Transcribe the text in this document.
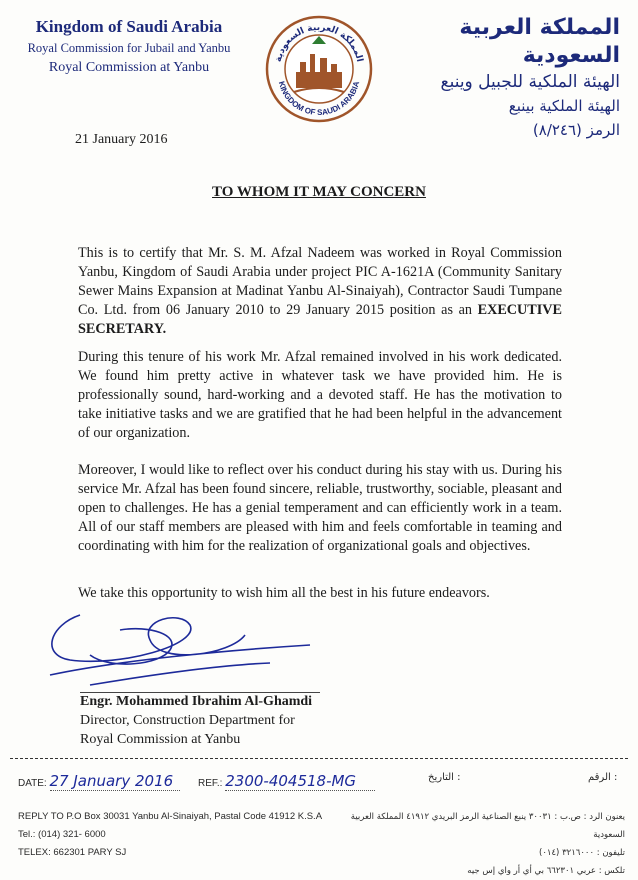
Kingdom of Saudi Arabia
Royal Commission for Jubail and Yanbu
Royal Commission at Yanbu
المملكة العربية السعودية
KINGDOM OF SAUDI ARABIA
المملكة العربية السعودية
الهيئة الملكية للجبيل وينبع
الهيئة الملكية بينبع
الرمز (٨/٢٤٦)
21 January 2016
TO WHOM IT MAY CONCERN
This is to certify that Mr. S. M. Afzal Nadeem was worked in Royal Commission Yanbu, Kingdom of Saudi Arabia under project PIC A-1621A (Community Sanitary Sewer Mains Expansion at Madinat Yanbu Al-Sinaiyah), Contractor Saudi Tumpane Co. Ltd. from 06 January 2010 to 29 January 2015 position as an EXECUTIVE SECRETARY.
During this tenure of his work Mr. Afzal remained involved in his work dedicated. We found him pretty active in whatever task we have provided him. He is professionally sound, hard-working and a devoted staff. He has the motivation to take initiative tasks and we are gratified that he had been helpful in the advancement of our organization.
Moreover, I would like to reflect over his conduct during his stay with us. During his service Mr. Afzal has been found sincere, reliable, trustworthy, sociable, pleasant and open to challenges. He has a genial temperament and can efficiently work in a team. All of our staff members are pleased with him and feels comfortable in teaming and coordinating with him for the realization of organizational goals and objectives.
We take this opportunity to wish him all the best in his future endeavors.
Engr. Mohammed Ibrahim Al-Ghamdi
Director, Construction Department for
Royal Commission at Yanbu
DATE: 27 January 2016	REF.: 2300-404518-MG	التاريخ :	الرقم :
REPLY TO P.O Box 30031 Yanbu Al-Sinaiyah, Pastal Code 41912 K.S.A
Tel.: (014) 321- 6000
TELEX: 662301 PARY SJ
يعنون الرد : ص.ب : ٣٠٠٣١ ينبع الصناعية الرمز البريدي ٤١٩١٢ المملكة العربية السعودية
تليفون : ٣٢١٦٠٠٠ (٠١٤)
تلكس : عربي ٦٦٢٣٠١ بي أي أر واي إس جيه
